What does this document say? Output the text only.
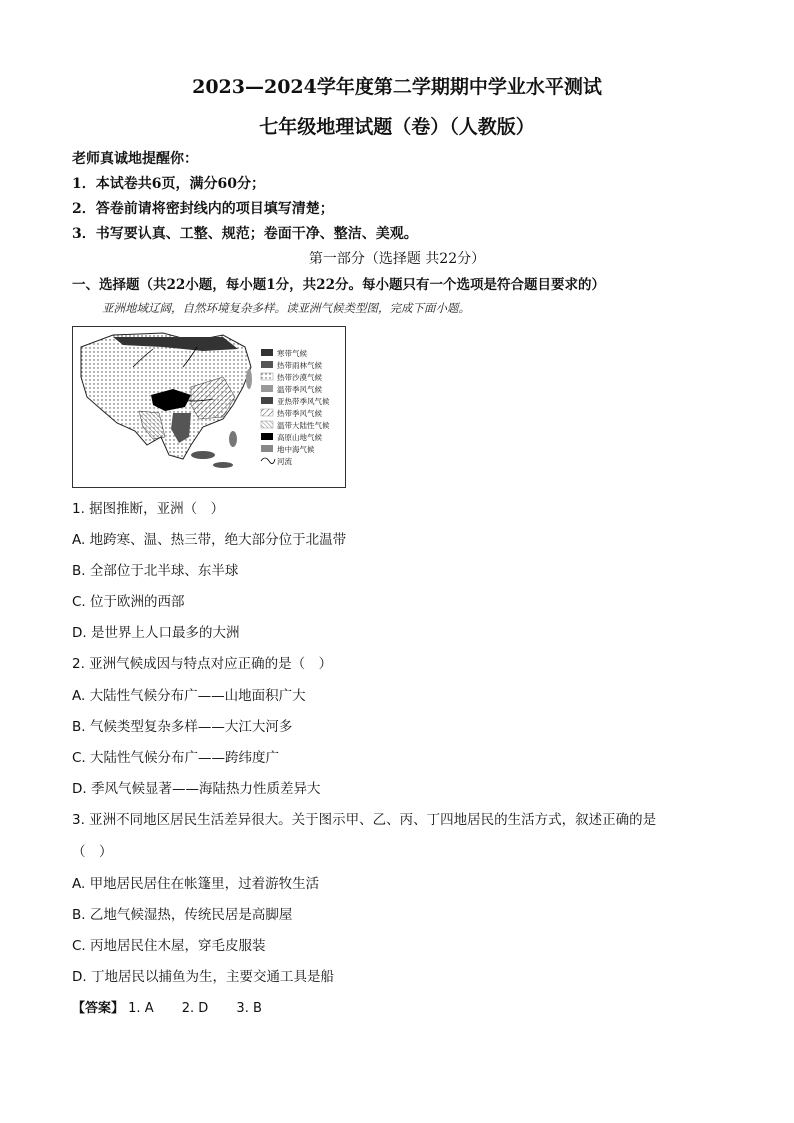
2023—2024学年度第二学期期中学业水平测试
七年级地理试题（卷）（人教版）
老师真诚地提醒你：
1．本试卷共6页，满分60分；
2．答卷前请将密封线内的项目填写清楚；
3．书写要认真、工整、规范；卷面干净、整洁、美观。
第一部分（选择题 共22分）
一、选择题（共22小题，每小题1分，共22分。每小题只有一个选项是符合题目要求的）
亚洲地域辽阔，自然环境复杂多样。读亚洲气候类型图，完成下面小题。
寒带气候
热带雨林气候
热带沙漠气候
温带季风气候
亚热带季风气候
热带季风气候
温带大陆性气候
高原山地气候
地中海气候
河流
1. 据图推断，亚洲（　）
A. 地跨寒、温、热三带，绝大部分位于北温带
B. 全部位于北半球、东半球
C. 位于欧洲的西部
D. 是世界上人口最多的大洲
2. 亚洲气候成因与特点对应正确的是（　）
A. 大陆性气候分布广——山地面积广大
B. 气候类型复杂多样——大江大河多
C. 大陆性气候分布广——跨纬度广
D. 季风气候显著——海陆热力性质差异大
3. 亚洲不同地区居民生活差异很大。关于图示甲、乙、丙、丁四地居民的生活方式，叙述正确的是
（　）
A. 甲地居民居住在帐篷里，过着游牧生活
B. 乙地气候湿热，传统民居是高脚屋
C. 丙地居民住木屋，穿毛皮服装
D. 丁地居民以捕鱼为生，主要交通工具是船
【答案】 1. A 2. D 3. B
